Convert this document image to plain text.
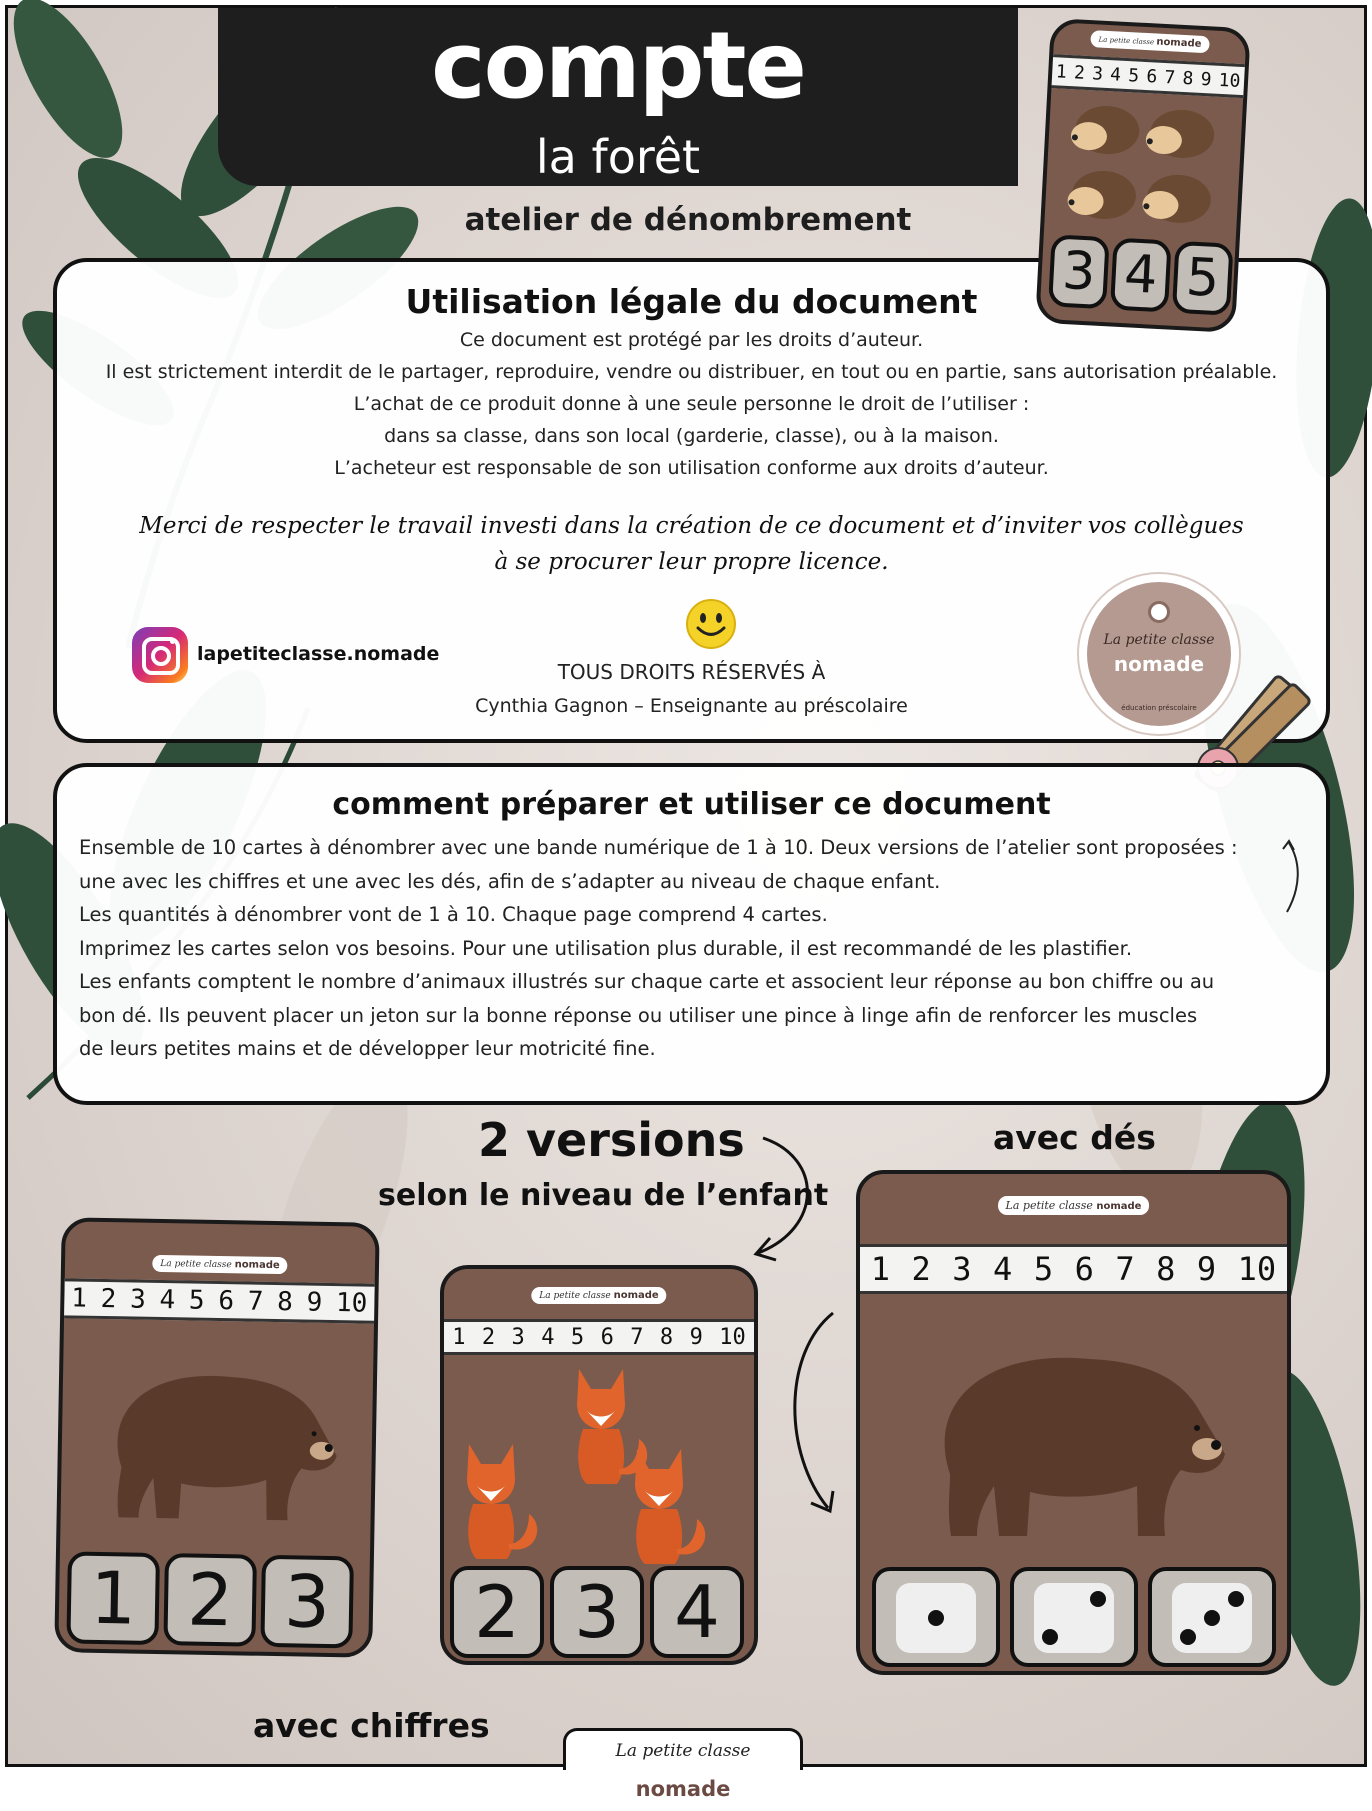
compte
la forêt
atelier de dénombrement
Utilisation légale du document
Ce document est protégé par les droits d’auteur.
Il est strictement interdit de le partager, reproduire, vendre ou distribuer, en tout ou en partie, sans autorisation préalable.
L’achat de ce produit donne à une seule personne le droit de l’utiliser :
dans sa classe, dans son local (garderie, classe), ou à la maison.
L’acheteur est responsable de son utilisation conforme aux droits d’auteur.
Merci de respecter le travail investi dans la création de ce document et d’inviter vos collègues
à se procurer leur propre licence.
lapetiteclasse.nomade
TOUS DROITS RÉSERVÉS À
Cynthia Gagnon – Enseignante au préscolaire
La petite classe
nomade
éducation préscolaire
comment préparer et utiliser ce document
Ensemble de 10 cartes à dénombrer avec une bande numérique de 1 à 10. Deux versions de l’atelier sont proposées :
une avec les chiffres et une avec les dés, afin de s’adapter au niveau de chaque enfant.
Les quantités à dénombrer vont de 1 à 10. Chaque page comprend 4 cartes.
Imprimez les cartes selon vos besoins. Pour une utilisation plus durable, il est recommandé de les plastifier.
Les enfants comptent le nombre d’animaux illustrés sur chaque carte et associent leur réponse au bon chiffre ou au
bon dé. Ils peuvent placer un jeton sur la bonne réponse ou utiliser une pince à linge afin de renforcer les muscles
de leurs petites mains et de développer leur motricité fine.
La petite classe nomade
1 2 3 4 5 6 7 8 9 10
3 4 5
2 versions
selon le niveau de l’enfant
avec dés
avec chiffres
La petite classe nomade
1 2 3 4 5 6 7 8 9 10
1 2 3
La petite classe nomade
1 2 3 4 5 6 7 8 9 10
2 3 4
La petite classe nomade
1 2 3 4 5 6 7 8 9 10
La petite classe nomade
